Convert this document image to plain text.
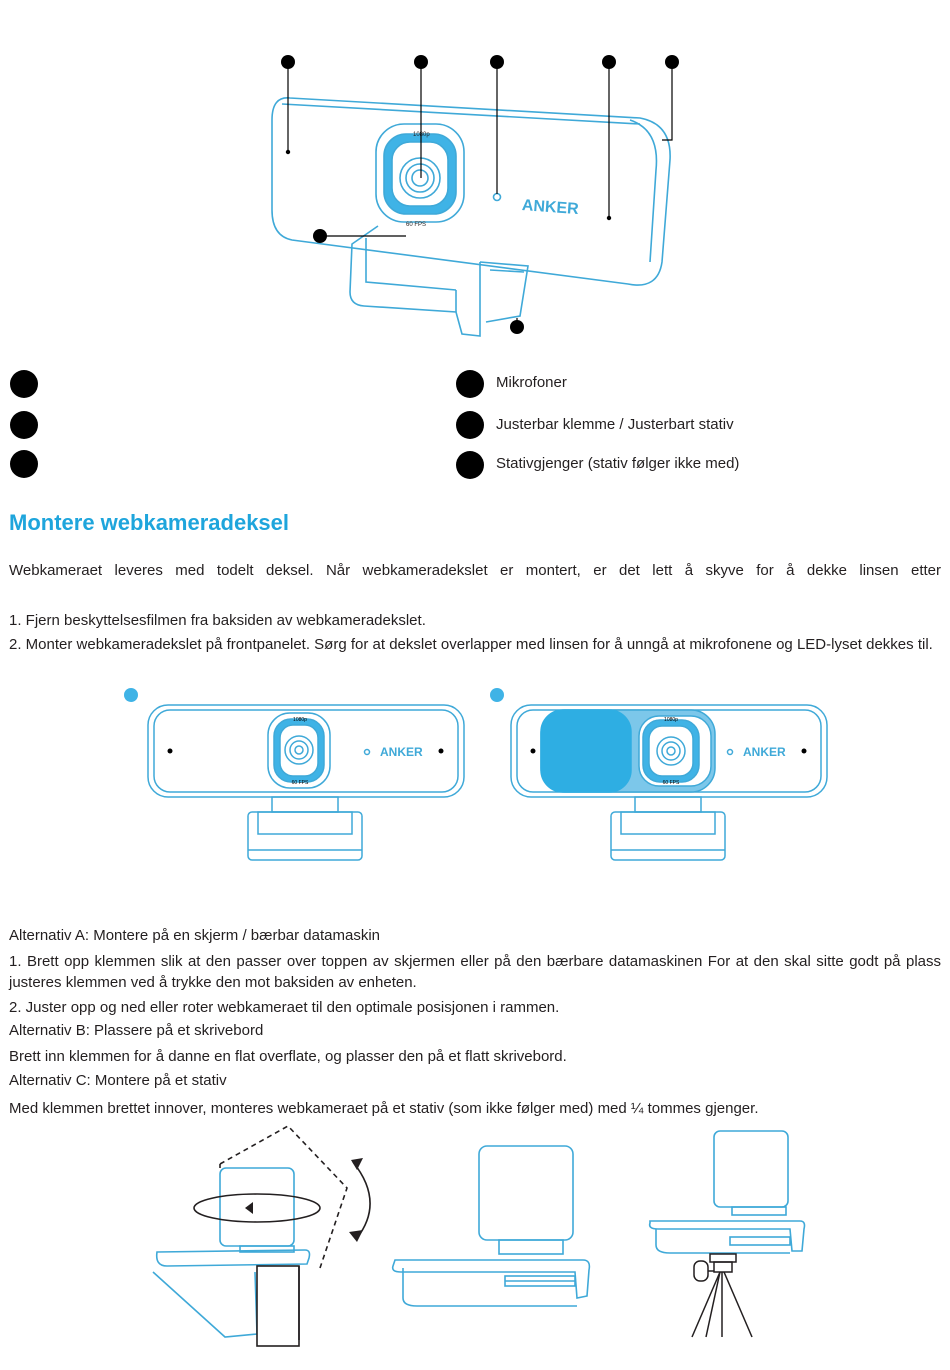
1080p
60 FPS
ANKER
Mikrofoner
Justerbar klemme / Justerbart stativ
Stativgjenger (stativ følger ikke med)
Montere webkameradeksel

Webkameraet leveres med todelt deksel. Når webkameradekslet er montert, er det lett å skyve for å dekke linsen etter

1. Fjern beskyttelsesfilmen fra baksiden av webkameradekslet.

2. Monter webkameradekslet på frontpanelet. Sørg for at dekslet overlapper med linsen for å unngå at mikrofonene og LED-lyset dekkes til.

1080p
60 FPS
ANKER
1080p
60 FPS
ANKER
Alternativ A: Montere på en skjerm / bærbar datamaskin

1. Brett opp klemmen slik at den passer over toppen av skjermen eller på den bærbare datamaskinen For at den skal sitte godt på plass justeres klemmen ved å trykke den mot baksiden av enheten.

2. Juster opp og ned eller roter webkameraet til den optimale posisjonen i rammen.

Alternativ B: Plassere på et skrivebord

Brett inn klemmen for å danne en flat overflate, og plasser den på et flatt skrivebord.

Alternativ C: Montere på et stativ

Med klemmen brettet innover, monteres webkameraet på et stativ (som ikke følger med) med ¼ tommes gjenger.
